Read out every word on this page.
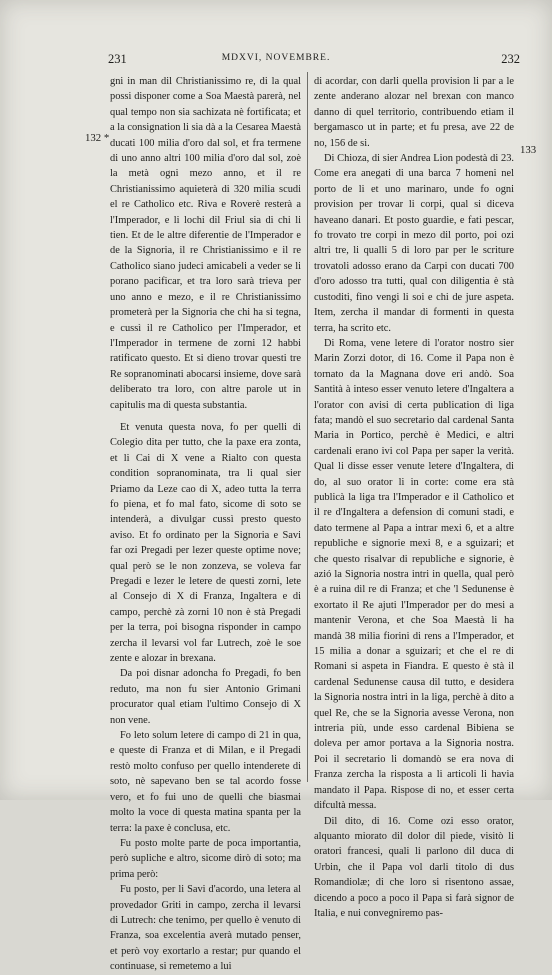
231	MDXVI, NOVEMBRE.	232
132 *
133

gni in man dil Christianissimo re, di la qual possi disponer come a Soa Maestà parerà, nel qual tempo non sia sachizata nè fortificata; et a la consignation li sia dà a la Cesarea Maestà ducati 100 milia d'oro dal sol, et fra termene di uno anno altri 100 milia d'oro dal sol, zoè la metà ogni mezo anno, et il re Christianissimo aquieterà di 320 milia scudi el re Catholico etc. Riva e Roverè resterà a l'Imperador, e li lochi dil Friul sia di chi li tien. Et de le altre diferentie de l'Imperador e de la Signoria, il re Christianissimo e il re Catholico siano judeci amicabeli a veder se li porano pacificar, et tra loro sarà trieva per uno anno e mezo, e il re Christianissimo prometerà per la Signoria che chi ha si tegna, e cussì il re Catholico per l'Imperador, et l'Imperador in termene de zorni 12 habbi ratificato questo. Et si dieno trovar questi tre Re sopranominati abocarsi insieme, dove sarà deliberato tra loro, con altre parole ut in capitulis ma di questa substantia.

Et venuta questa nova, fo per quelli di Colegio dita per tutto, che la paxe era zonta, et li Cai di X vene a Rialto con questa condition sopranominata, tra li qual sier Priamo da Leze cao di X, adeo tutta la terra fo piena, et fo mal fato, sicome di soto se intenderà, a divulgar cussì presto questo aviso. Et fo ordinato per la Signoria e Savi far ozi Pregadi per lezer queste optime nove; qual però se le non zonzeva, se voleva far Pregadi e lezer le letere de questi zorni, lete al Consejo di X di Franza, Ingaltera e di campo, perchè zà zorni 10 non è stà Pregadi per la terra, poi bisogna risponder in campo zercha il levarsi vol far Lutrech, zoè le soe zente e alozar in brexana.

Da poi disnar adoncha fo Pregadi, fo ben reduto, ma non fu sier Antonio Grimani procurator qual etiam l'ultimo Consejo di X non vene.

Fo leto solum letere di campo di 21 in qua, e queste di Franza et di Milan, e il Pregadi restò molto confuso per quello intenderete di soto, nè sapevano ben se tal acordo fosse vero, et fo fui uno de quelli che biasmai molto la voce di questa matina spanta per la terra: la paxe è conclusa, etc.

Fu posto molte parte de poca importantia, però supliche e altro, sicome dirò di soto; ma prima però:

Fu posto, per li Savi d'acordo, una letera al provedador Griti in campo, zercha il levarsi di Lutrech: che tenimo, per quello è venuto di Franza, soa excelentia averà mutado penser, et però voy exortarlo a restar; pur quando el continuase, si remetemo a lui

di acordar, con darli quella provision li par a le zente anderano alozar nel brexan con manco danno di quel territorio, contribuendo etiam il bergamasco ut in parte; et fu presa, ave 22 de no, 156 de si.

Di Chioza, di sier Andrea Lion podestà di 23. Come era anegati di una barca 7 homeni nel porto de li et uno marinaro, unde fo ogni provision per trovar li corpi, qual si diceva haveano danari. Et posto guardie, e fati pescar, fo trovato tre corpi in mezo dil porto, poi ozi altri tre, li qualli 5 di loro par per le scriture trovatoli adosso erano da Carpi con ducati 700 d'oro adosso tra tutti, qual con diligentia è stà custoditi, fino vengi li soi e chi de jure aspeta. Item, zercha il mandar di formenti in questa terra, ha scrito etc.

Di Roma, vene letere di l'orator nostro sier Marin Zorzi dotor, di 16. Come il Papa non è tornato da la Magnana dove eri andò. Soa Santità à inteso esser venuto letere d'Ingaltera a l'orator con avisi di certa publication di liga fata; mandò el suo secretario dal cardenal Santa Maria in Portico, perchè è Medici, e altri cardenali erano ivi col Papa per saper la verità. Qual li disse esser venute letere d'Ingaltera, di do, al suo orator li in corte: come era stà publicà la liga tra l'Imperador e il Catholico et il re d'Ingaltera a defension di comuni stadi, e dato termene al Papa a intrar mexi 6, et a altre republiche e signorie mexi 8, e a sguizari; et che questo risalvar di republiche e signorie, è azió la Signoria nostra intri in quella, qual però è a ruina dil re di Franza; et che 'l Sedunense è exortato il Re ajuti l'Imperador per do mesi a mantenir Verona, et che Soa Maestà li ha mandà 38 milia fiorini di rens a l'Imperador, et 15 milia a donar a sguizari; et che el re di Romani si aspeta in Fiandra. E questo è stà il cardenal Sedunense causa dil tutto, e desidera la Signoria nostra intri in la liga, perchè à dito a quel Re, che se la Signoria avesse Verona, non intreria più, unde esso cardenal Bibiena se doleva per amor portava a la Signoria nostra. Poi il secretario li domandò se era nova di Franza zercha la risposta a li articoli li havia mandato il Papa. Rispose di no, et esser certa difcultà messa.

Dil dito, di 16. Come ozi esso orator, alquanto miorato dil dolor dil piede, visitò li oratori francesi, quali li parlono dil duca di Urbin, che il Papa vol darli titolo di dus Romandiolæ; di che loro si risentono assae, dicendo a poco a poco il Papa si farà signor de Italia, e nui convegniremo pas-
